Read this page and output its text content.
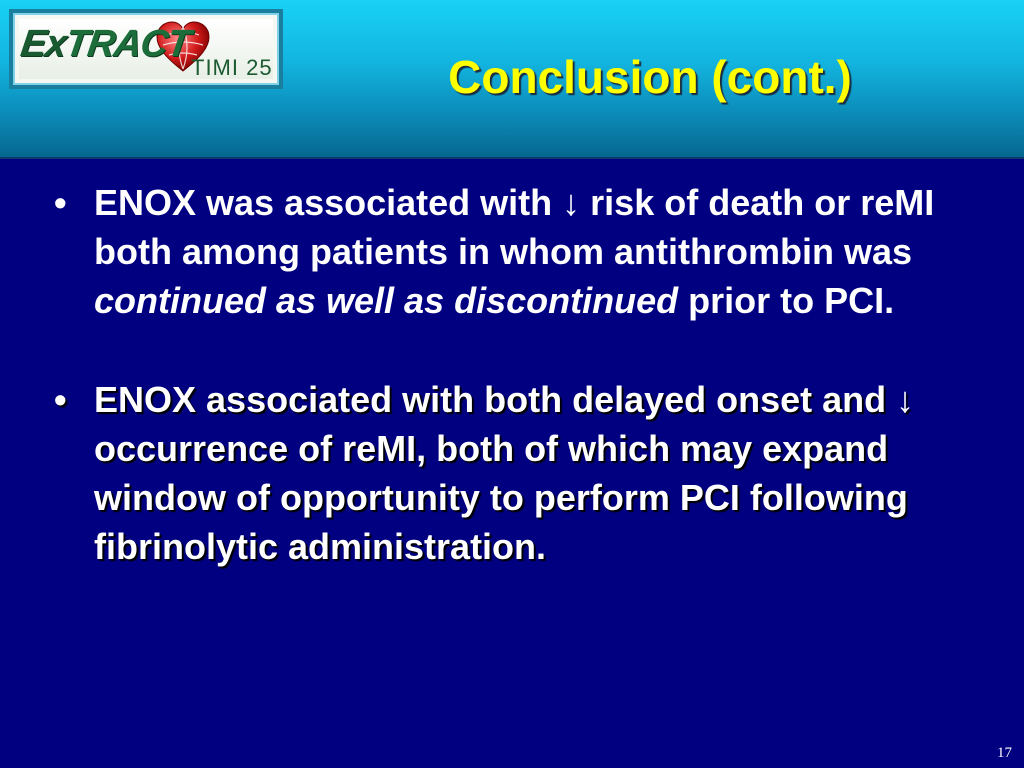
ExTRACT
TIMI 25	Conclusion (cont.)
• ENOX was associated with ↓ risk of death or reMI both among patients in whom antithrombin was continued as well as discontinued prior to PCI.
• ENOX associated with both delayed onset and ↓ occurrence of reMI, both of which may expand window of opportunity to perform PCI following fibrinolytic administration.
17
